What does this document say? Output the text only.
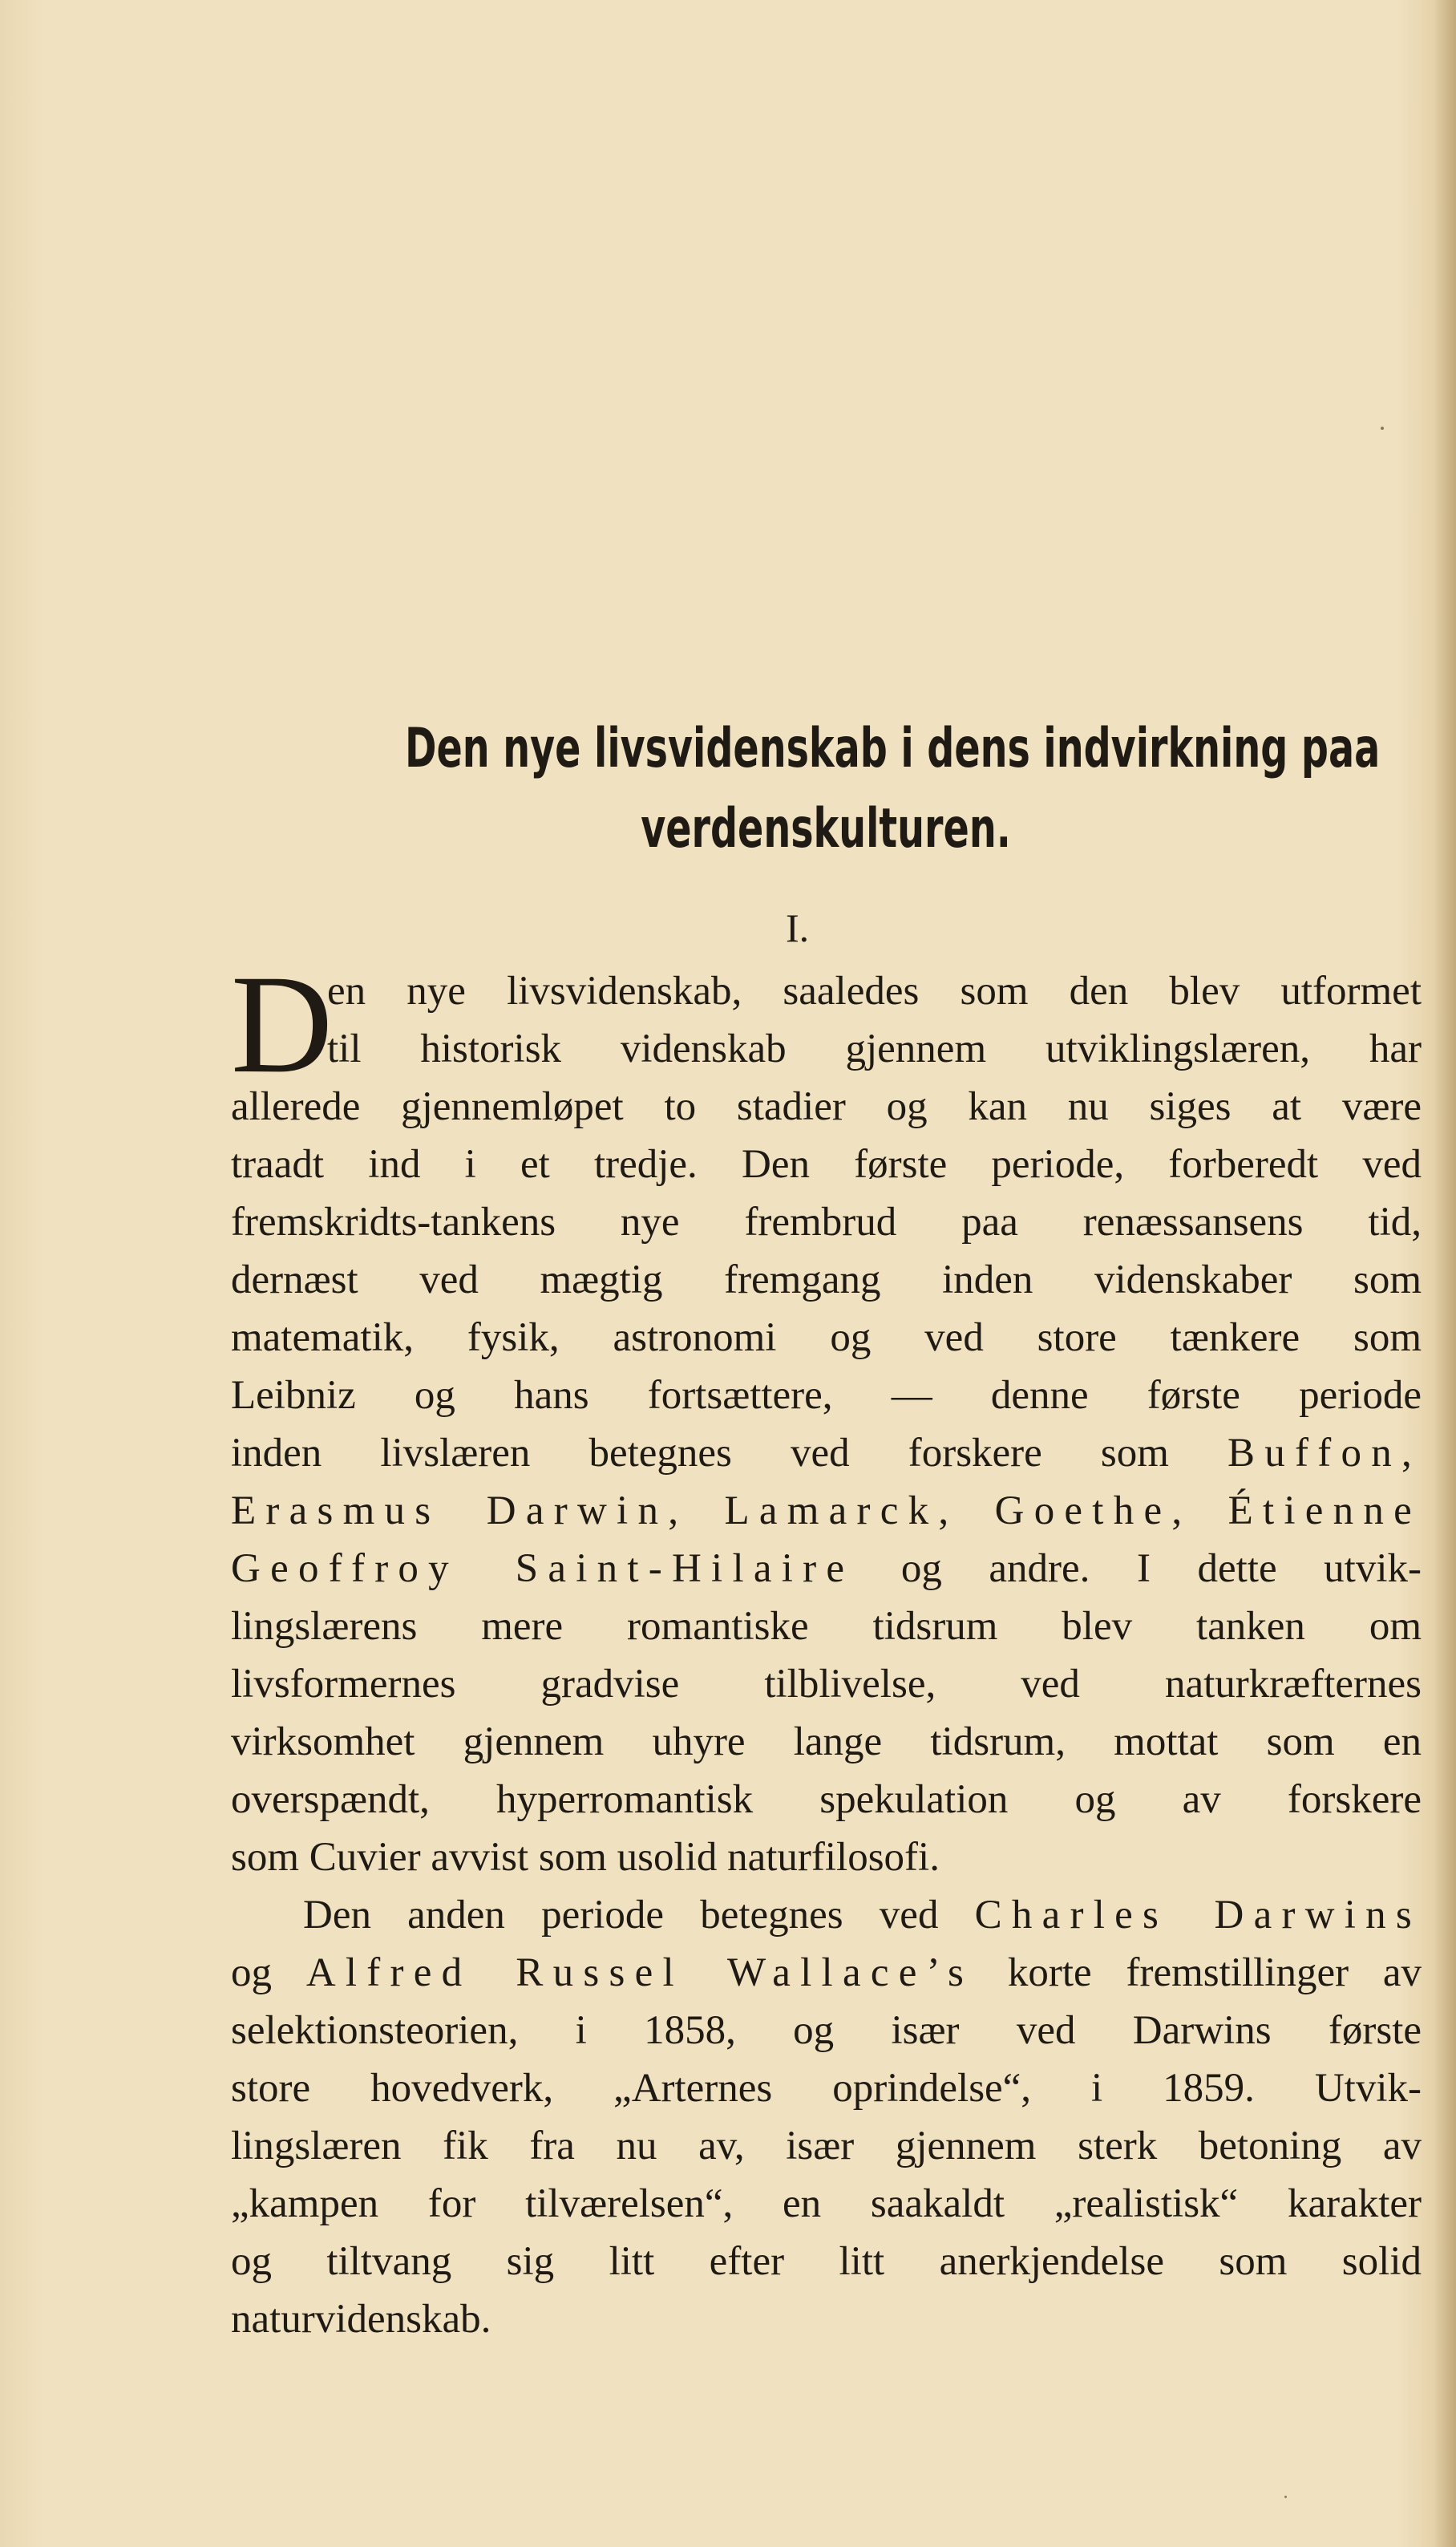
Den nye livsvidenskab i dens indvirkning paa
verdenskulturen.
I.
D
en nye livsvidenskab, saaledes som den blev utformet
til historisk videnskab gjennem utviklingslæren, har
allerede gjennemløpet to stadier og kan nu siges at være
traadt ind i et tredje. Den første periode, forberedt ved
fremskridts-tankens nye frembrud paa renæssansens tid,
dernæst ved mægtig fremgang inden videnskaber som
matematik, fysik, astronomi og ved store tænkere som
Leibniz og hans fortsættere, — denne første periode
inden livslæren betegnes ved forskere som Buffon,
Erasmus Darwin, Lamarck, Goethe, Étienne
Geoffroy Saint-Hilaire og andre. I dette utvik-
lingslærens mere romantiske tidsrum blev tanken om
livsformernes gradvise tilblivelse, ved naturkræfternes
virksomhet gjennem uhyre lange tidsrum, mottat som en
overspændt, hyperromantisk spekulation og av forskere
som Cuvier avvist som usolid naturfilosofi.
Den anden periode betegnes ved Charles Darwins
og Alfred Russel Wallace’s korte fremstillinger av
selektionsteorien, i 1858, og især ved Darwins første
store hovedverk, „Arternes oprindelse“, i 1859. Utvik-
lingslæren fik fra nu av, især gjennem sterk betoning av
„kampen for tilværelsen“, en saakaldt „realistisk“ karakter
og tiltvang sig litt efter litt anerkjendelse som solid
naturvidenskab.
